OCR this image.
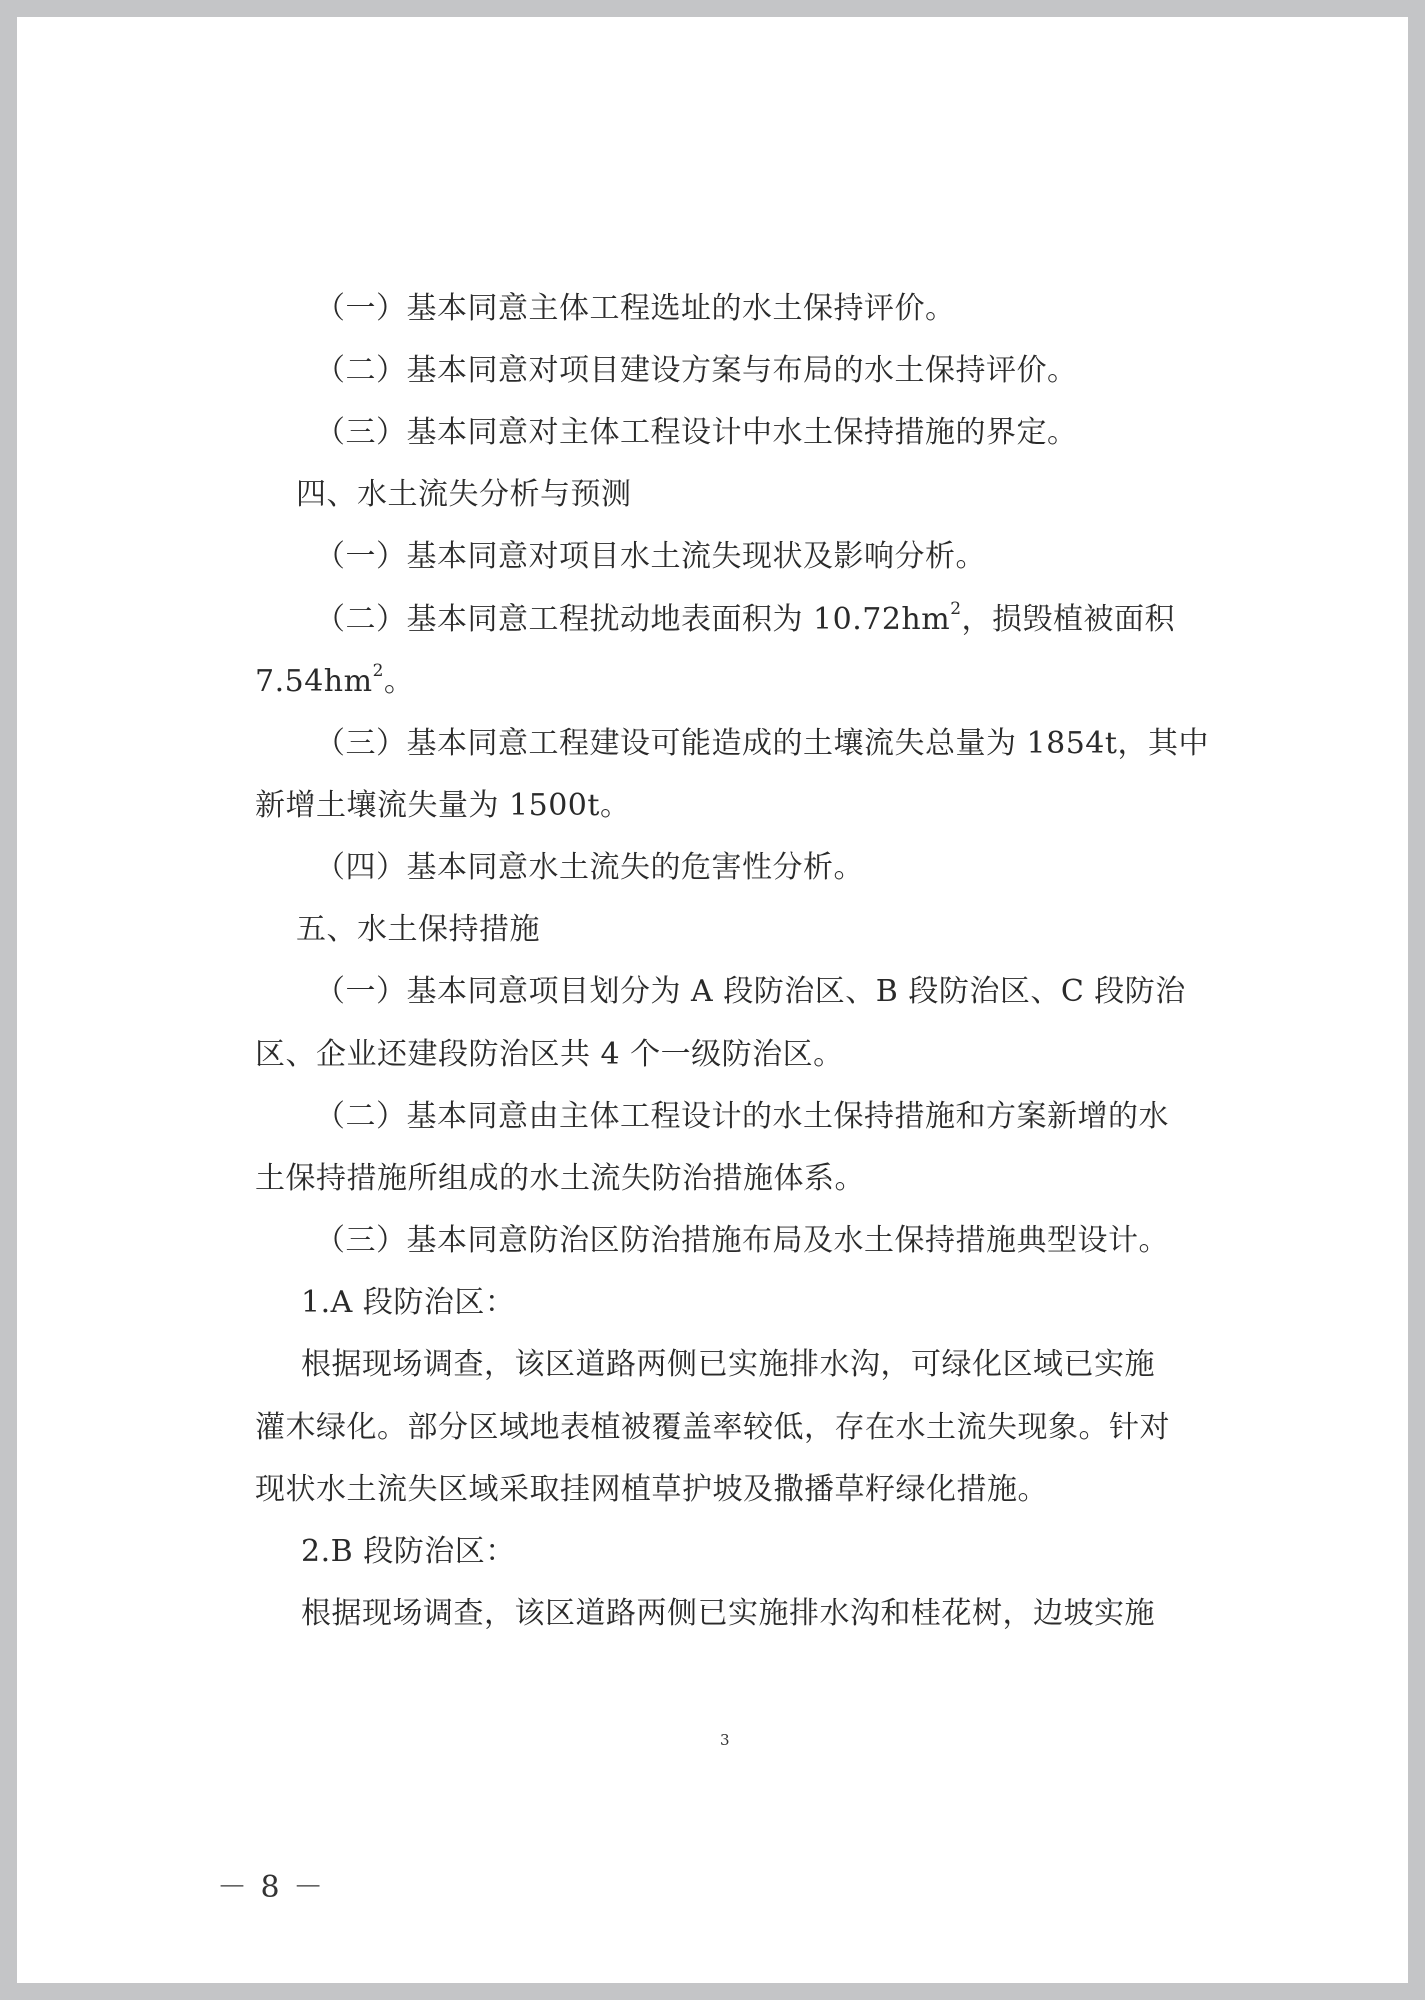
（一）基本同意主体工程选址的水土保持评价。
（二）基本同意对项目建设方案与布局的水土保持评价。
（三）基本同意对主体工程设计中水土保持措施的界定。
四、水土流失分析与预测
（一）基本同意对项目水土流失现状及影响分析。
（二）基本同意工程扰动地表面积为 $10.72hm^2$，损毁植被面积
$7.54hm^2$。
（三）基本同意工程建设可能造成的土壤流失总量为 1854t，其中
新增土壤流失量为 1500t。
（四）基本同意水土流失的危害性分析。
五、水土保持措施
（一）基本同意项目划分为 A 段防治区、B 段防治区、C 段防治
区、企业还建段防治区共 4 个一级防治区。
（二）基本同意由主体工程设计的水土保持措施和方案新增的水
土保持措施所组成的水土流失防治措施体系。
（三）基本同意防治区防治措施布局及水土保持措施典型设计。
1.A 段防治区：
根据现场调查，该区道路两侧已实施排水沟，可绿化区域已实施
灌木绿化。部分区域地表植被覆盖率较低，存在水土流失现象。针对
现状水土流失区域采取挂网植草护坡及撒播草籽绿化措施。
2.B 段防治区：
根据现场调查，该区道路两侧已实施排水沟和桂花树，边坡实施
3
－ 8 －
